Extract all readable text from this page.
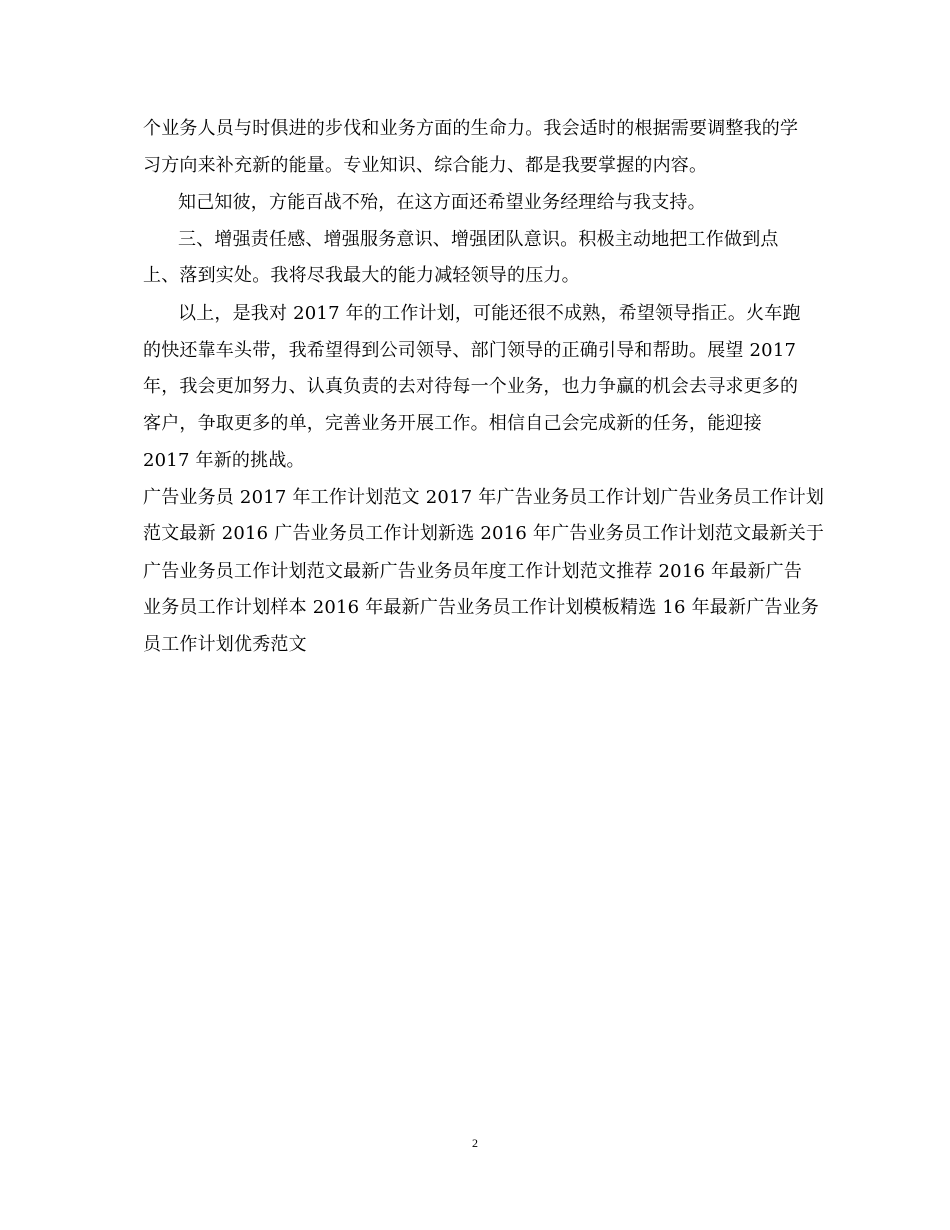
个业务人员与时俱进的步伐和业务方面的生命力。我会适时的根据需要调整我的学
习方向来补充新的能量。专业知识、综合能力、都是我要掌握的内容。
知己知彼，方能百战不殆，在这方面还希望业务经理给与我支持。
三、增强责任感、增强服务意识、增强团队意识。积极主动地把工作做到点
上、落到实处。我将尽我最大的能力减轻领导的压力。
以上，是我对 2017 年的工作计划，可能还很不成熟，希望领导指正。火车跑
的快还靠车头带，我希望得到公司领导、部门领导的正确引导和帮助。展望 2017
年，我会更加努力、认真负责的去对待每一个业务，也力争赢的机会去寻求更多的
客户，争取更多的单，完善业务开展工作。相信自己会完成新的任务，能迎接
2017 年新的挑战。
广告业务员 2017 年工作计划范文 2017 年广告业务员工作计划广告业务员工作计划
范文最新 2016 广告业务员工作计划新选 2016 年广告业务员工作计划范文最新关于
广告业务员工作计划范文最新广告业务员年度工作计划范文推荐 2016 年最新广告
业务员工作计划样本 2016 年最新广告业务员工作计划模板精选 16 年最新广告业务
员工作计划优秀范文
2
